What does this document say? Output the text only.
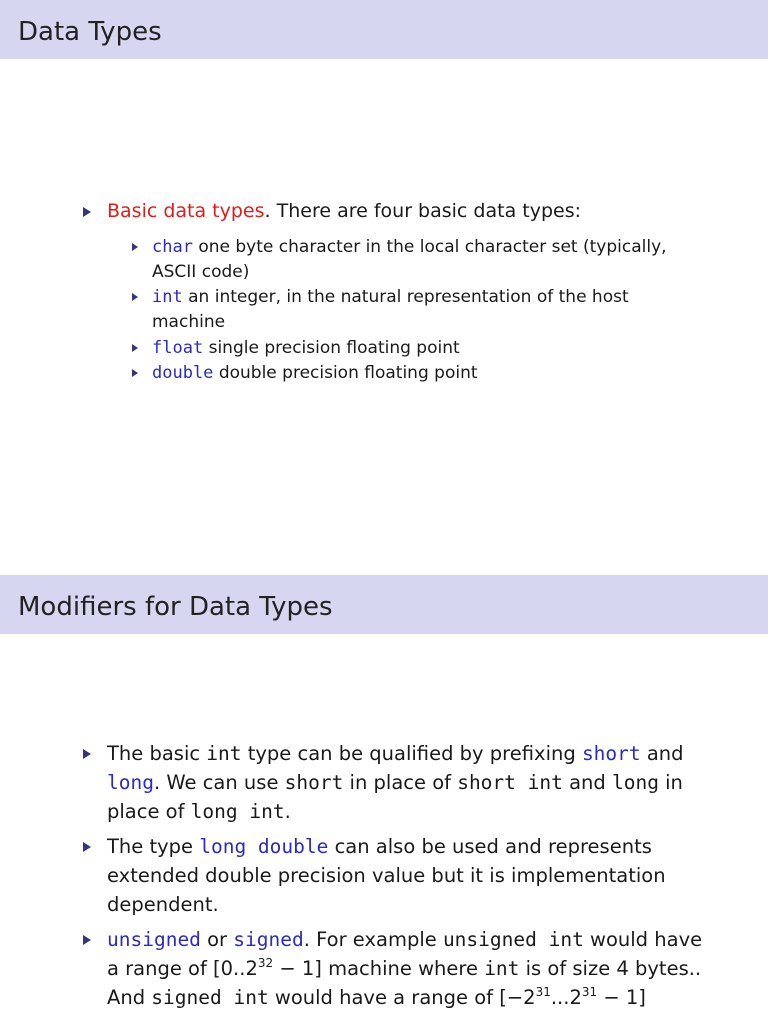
Data Types
Basic data types. There are four basic data types:
char one byte character in the local character set (typically,
ASCII code)
int an integer, in the natural representation of the host
machine
float single precision floating point
double double precision floating point
Modifiers for Data Types
The basic int type can be qualified by prefixing short and
long. We can use short in place of short int and long in
place of long int.
The type long double can also be used and represents
extended double precision value but it is implementation
dependent.
unsigned or signed. For example unsigned int would have
a range of $[0..2^{32} - 1]$ machine where int is of size 4 bytes..
And signed int would have a range of $[-2^{31}...2^{31} - 1]$
